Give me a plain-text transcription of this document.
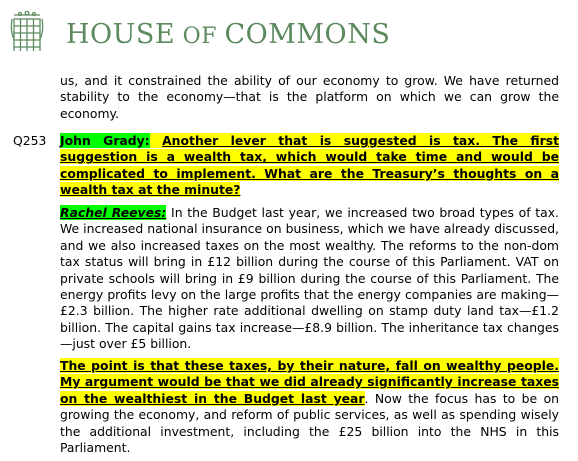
HOUSE OF COMMONS

us, and it constrained the ability of our economy to grow. We have returned stability to the economy—that is the platform on which we can grow the economy.

Q253 John Grady: Another lever that is suggested is tax. The first suggestion is a wealth tax, which would take time and would be complicated to implement. What are the Treasury’s thoughts on a wealth tax at the minute?

Rachel Reeves: In the Budget last year, we increased two broad types of tax. We increased national insurance on business, which we have already discussed, and we also increased taxes on the most wealthy. The reforms to the non-dom tax status will bring in £12 billion during the course of this Parliament. VAT on private schools will bring in £9 billion during the course of this Parliament. The energy profits levy on the large profits that the energy companies are making—£2.3 billion. The higher rate additional dwelling on stamp duty land tax—£1.2 billion. The capital gains tax increase—£8.9 billion. The inheritance tax changes—just over £5 billion.

The point is that these taxes, by their nature, fall on wealthy people. My argument would be that we did already significantly increase taxes on the wealthiest in the Budget last year. Now the focus has to be on growing the economy, and reform of public services, as well as spending wisely the additional investment, including the £25 billion into the NHS in this Parliament.
